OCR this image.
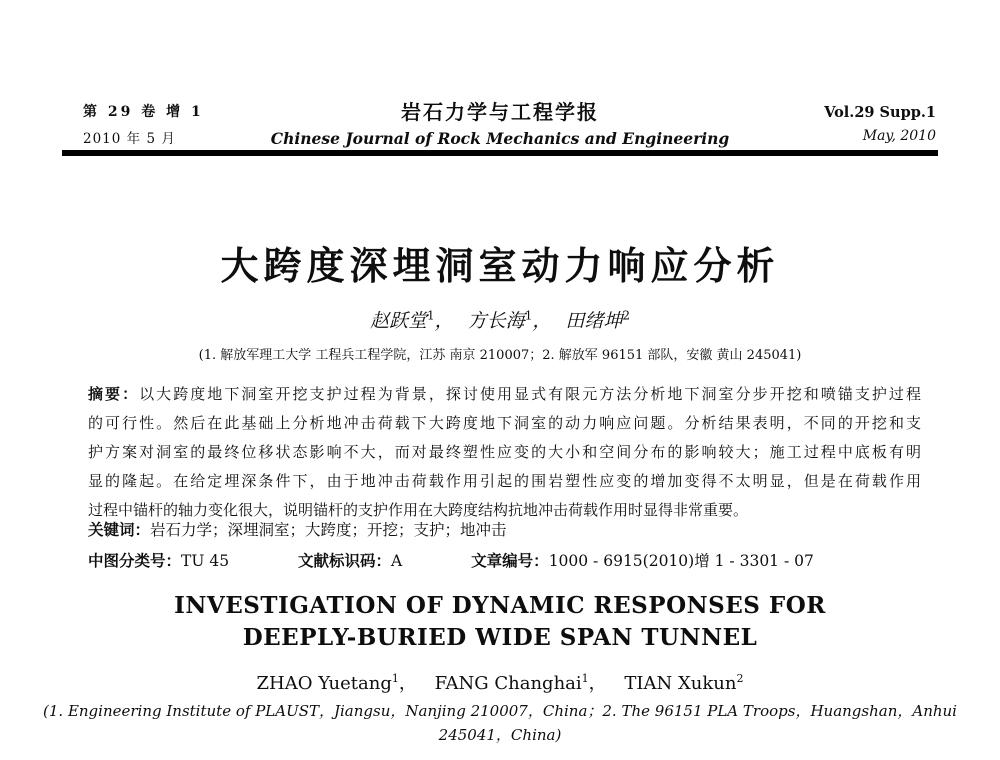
第 29 卷 增 1
2010 年 5 月
岩石力学与工程学报
Chinese Journal of Rock Mechanics and Engineering
Vol.29 Supp.1
May, 2010
大跨度深埋洞室动力响应分析
赵跃堂$^1$， 方长海$^1$， 田绪坤$^2$
(1. 解放军理工大学 工程兵工程学院，江苏 南京 210007；2. 解放军 96151 部队，安徽 黄山 245041)
摘要：以大跨度地下洞室开挖支护过程为背景，探讨使用显式有限元方法分析地下洞室分步开挖和喷锚支护过程
的可行性。然后在此基础上分析地冲击荷载下大跨度地下洞室的动力响应问题。分析结果表明，不同的开挖和支
护方案对洞室的最终位移状态影响不大，而对最终塑性应变的大小和空间分布的影响较大；施工过程中底板有明
显的隆起。在给定埋深条件下，由于地冲击荷载作用引起的围岩塑性应变的增加变得不太明显，但是在荷载作用
过程中锚杆的轴力变化很大，说明锚杆的支护作用在大跨度结构抗地冲击荷载作用时显得非常重要。
关键词：岩石力学；深埋洞室；大跨度；开挖；支护；地冲击
中图分类号：TU 45	文献标识码：A	文章编号：1000 - 6915(2010)增 1 - 3301 - 07
INVESTIGATION OF DYNAMIC RESPONSES FOR
DEEPLY-BURIED WIDE SPAN TUNNEL
ZHAO Yuetang$^1$， FANG Changhai$^1$， TIAN Xukun$^2$
(1. Engineering Institute of PLAUST，Jiangsu，Nanjing 210007，China；2. The 96151 PLA Troops，Huangshan，Anhui
245041，China)
